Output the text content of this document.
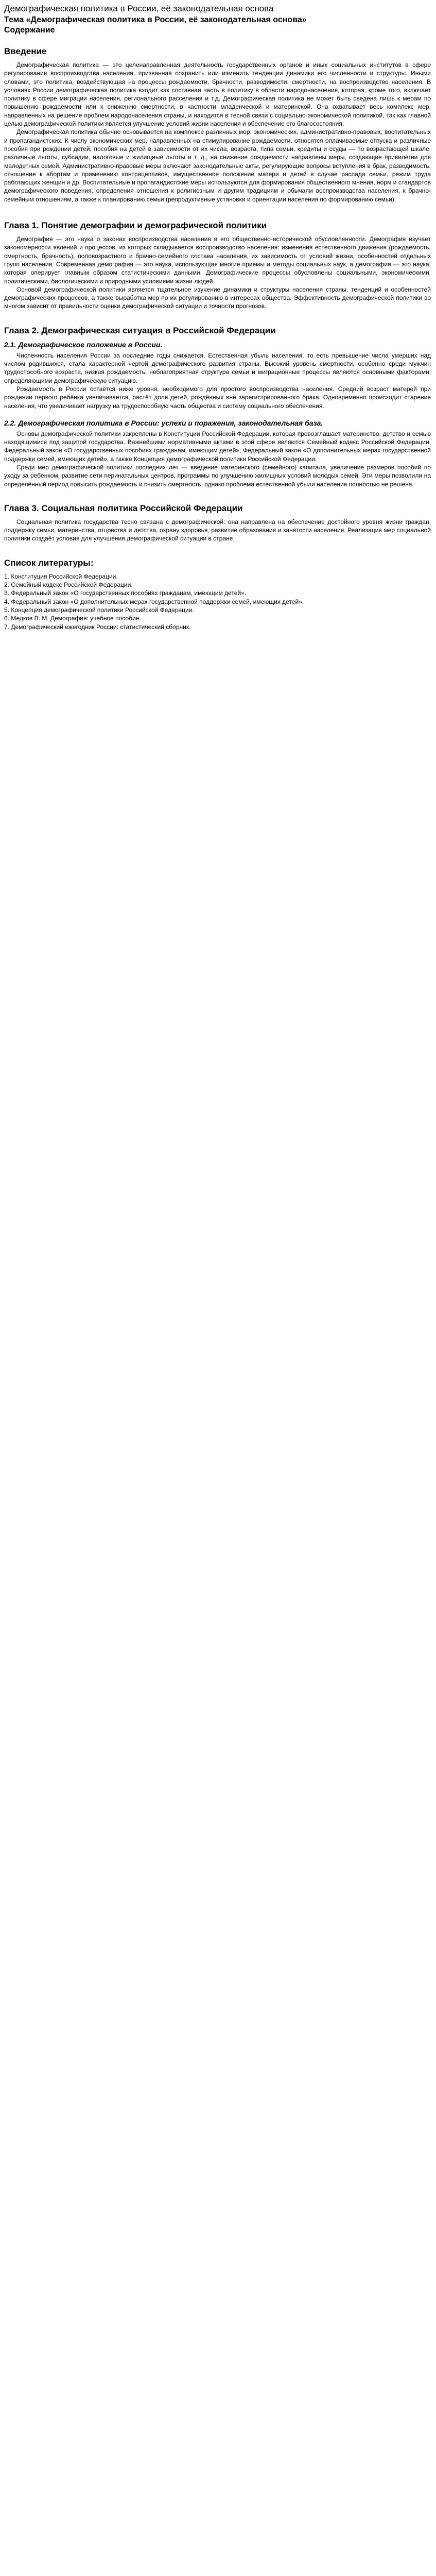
Демографическая политика в России, её законодательная основа
Тема «Демографическая политика в России, её законодательная основа»
Содержание
Введение

Демографическая политика — это целенаправленная деятельность государственных органов и иных социальных институтов в сфере регулирования воспроизводства населения, призванная сохранить или изменить тенденции динамики его численности и структуры. Иными словами, это политика, воздействующая на процессы рождаемости, брачности, разводимости, смертности, на воспроизводство населения. В условиях России демографическая политика входит как составная часть в политику в области народонаселения, которая, кроме того, включает политику в сфере миграции населения, регионального расселения и т.д. Демографическая политика не может быть сведена лишь к мерам по повышению рождаемости или к снижению смертности, в частности младенческой и материнской. Она охватывает весь комплекс мер, направленных на решение проблем народонаселения страны, и находится в тесной связи с социально-экономической политикой, так как главной целью демографической политики является улучшение условий жизни населения и обеспечение его благосостояния.

Демографическая политика обычно основывается на комплексе различных мер: экономических, административно-правовых, воспитательных и пропагандистских. К числу экономических мер, направленных на стимулирование рождаемости, относятся оплачиваемые отпуска и различные пособия при рождении детей, пособия на детей в зависимости от их числа, возраста, типа семьи, кредиты и ссуды — по возрастающей шкале, различные льготы, субсидии, налоговые и жилищные льготы и т. д., на снижение рождаемости направлены меры, создающие привилегии для малодетных семей. Административно-правовые меры включают законодательные акты, регулирующие вопросы вступления в брак, разводимость, отношение к абортам и применению контрацептивов, имущественное положение матери и детей в случае распада семьи, режим труда работающих женщин и др. Воспитательные и пропагандистские меры используются для формирования общественного мнения, норм и стандартов демографического поведения, определения отношения к религиозным и другим традициям и обычаям воспроизводства населения, к брачно-семейным отношениям, а также к планированию семьи (репродуктивные установки и ориентации населения по формированию семьи).

Глава 1. Понятие демографии и демографической политики

Демография — это наука о законах воспроизводства населения в его общественно-исторической обусловленности. Демография изучает закономерности явлений и процессов, из которых складывается воспроизводство населения: изменения естественного движения (рождаемость, смертность, брачность), половозрастного и брачно-семейного состава населения, их зависимость от условий жизни, особенностей отдельных групп населения. Современная демография — это наука, использующая многие приемы и методы социальных наук, а демография — это наука, которая оперирует главным образом статистическими данными. Демографические процессы обусловлены социальными, экономическими, политическими, биологическими и природными условиями жизни людей.

Основой демографической политики является тщательное изучение динамики и структуры населения страны, тенденций и особенностей демографических процессов, а также выработка мер по их регулированию в интересах общества. Эффективность демографической политики во многом зависит от правильности оценки демографической ситуации и точности прогнозов.

Глава 2. Демографическая ситуация в Российской Федерации
2.1. Демографическое положение в России.

Численность населения России за последние годы снижается. Естественная убыль населения, то есть превышение числа умерших над числом родившихся, стала характерной чертой демографического развития страны. Высокий уровень смертности, особенно среди мужчин трудоспособного возраста, низкая рождаемость, неблагоприятная структура семьи и миграционные процессы являются основными факторами, определяющими демографическую ситуацию.

Рождаемость в России остаётся ниже уровня, необходимого для простого воспроизводства населения. Средний возраст матерей при рождении первого ребёнка увеличивается, растёт доля детей, рождённых вне зарегистрированного брака. Одновременно происходит старение населения, что увеличивает нагрузку на трудоспособную часть общества и систему социального обеспечения.

2.2. Демографическая политика в России: успехи и поражения, законодательная база.

Основы демографической политики закреплены в Конституции Российской Федерации, которая провозглашает материнство, детство и семью находящимися под защитой государства. Важнейшими нормативными актами в этой сфере являются Семейный кодекс Российской Федерации, Федеральный закон «О государственных пособиях гражданам, имеющим детей», Федеральный закон «О дополнительных мерах государственной поддержки семей, имеющих детей», а также Концепция демографической политики Российской Федерации.

Среди мер демографической политики последних лет — введение материнского (семейного) капитала, увеличение размеров пособий по уходу за ребёнком, развитие сети перинатальных центров, программы по улучшению жилищных условий молодых семей. Эти меры позволили на определённый период повысить рождаемость и снизить смертность, однако проблема естественной убыли населения полностью не решена.

Глава 3. Социальная политика Российской Федерации

Социальная политика государства тесно связана с демографической: она направлена на обеспечение достойного уровня жизни граждан, поддержку семьи, материнства, отцовства и детства, охрану здоровья, развитие образования и занятости населения. Реализация мер социальной политики создаёт условия для улучшения демографической ситуации в стране.

Список литературы:
1. Конституция Российской Федерации.
2. Семейный кодекс Российской Федерации.
3. Федеральный закон «О государственных пособиях гражданам, имеющим детей».
4. Федеральный закон «О дополнительных мерах государственной поддержки семей, имеющих детей».
5. Концепция демографической политики Российской Федерации.
6. Медков В. М. Демография: учебное пособие.
7. Демографический ежегодник России: статистический сборник.
